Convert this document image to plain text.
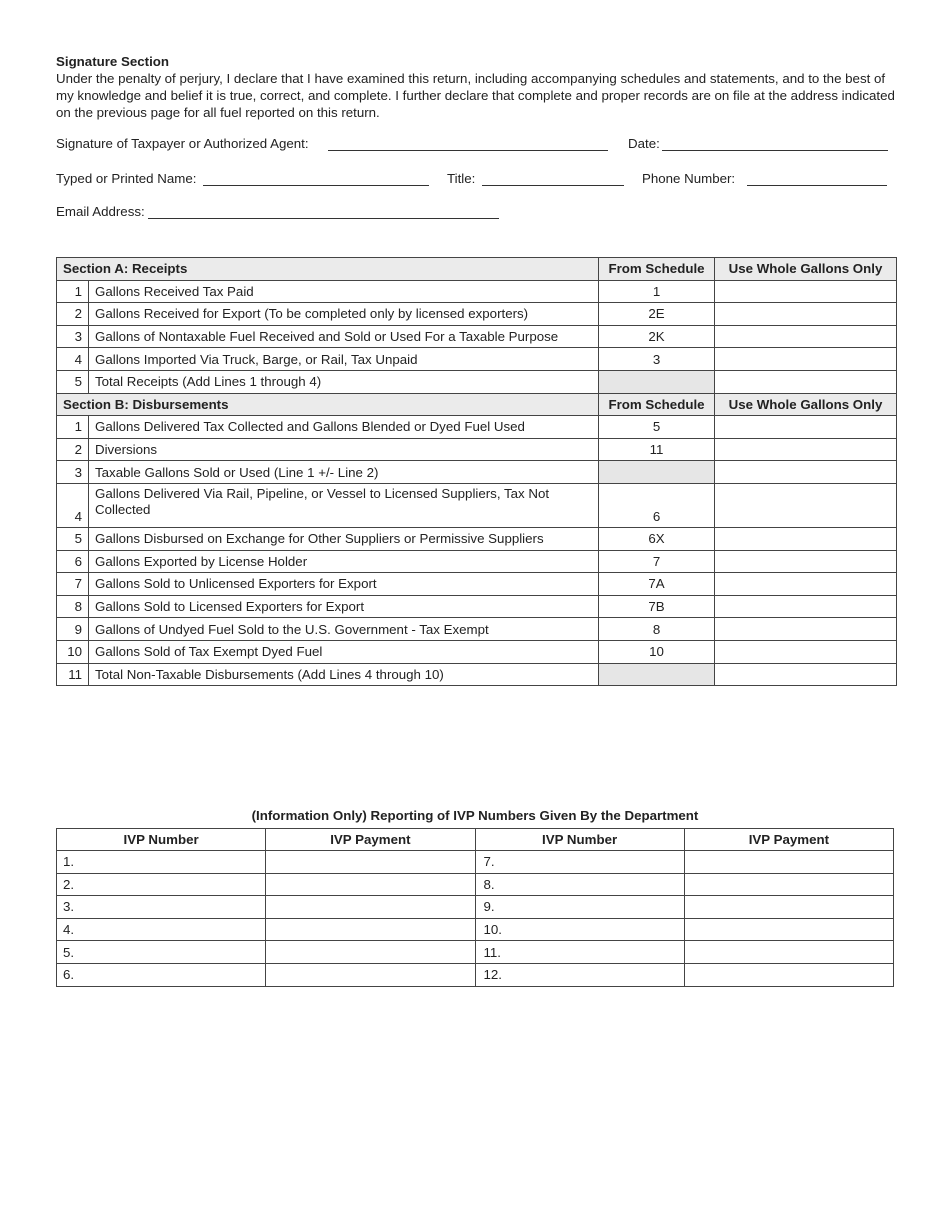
Signature Section

Under the penalty of perjury, I declare that I have examined this return, including accompanying schedules and statements, and to the best of my knowledge and belief it is true, correct, and complete. I further declare that complete and proper records are on file at the address indicated on the previous page for all fuel reported on this return.

Signature of Taxpayer or Authorized Agent:	Date:
Typed or Printed Name:	Title:	Phone Number:
Email Address:
Section A: Receipts		From Schedule	Use Whole Gallons Only
1	Gallons Received Tax Paid	1	
2	Gallons Received for Export (To be completed only by licensed exporters)	2E	
3	Gallons of Nontaxable Fuel Received and Sold or Used For a Taxable Purpose	2K	
4	Gallons Imported Via Truck, Barge, or Rail, Tax Unpaid	3	
5	Total Receipts (Add Lines 1 through 4)		
Section B: Disbursements		From Schedule	Use Whole Gallons Only
1	Gallons Delivered Tax Collected and Gallons Blended or Dyed Fuel Used	5	
2	Diversions	11	
3	Taxable Gallons Sold or Used (Line 1 +/- Line 2)		
4	Gallons Delivered Via Rail, Pipeline, or Vessel to Licensed Suppliers, Tax Not Collected	6	
5	Gallons Disbursed on Exchange for Other Suppliers or Permissive Suppliers	6X	
6	Gallons Exported by License Holder	7	
7	Gallons Sold to Unlicensed Exporters for Export	7A	
8	Gallons Sold to Licensed Exporters for Export	7B	
9	Gallons of Undyed Fuel Sold to the U.S. Government - Tax Exempt	8	
10	Gallons Sold of Tax Exempt Dyed Fuel	10	
11	Total Non-Taxable Disbursements (Add Lines 4 through 10)		
(Information Only) Reporting of IVP Numbers Given By the Department
IVP Number	IVP Payment	IVP Number	IVP Payment
1.		7.	
2.		8.	
3.		9.	
4.		10.	
5.		11.	
6.		12.	
